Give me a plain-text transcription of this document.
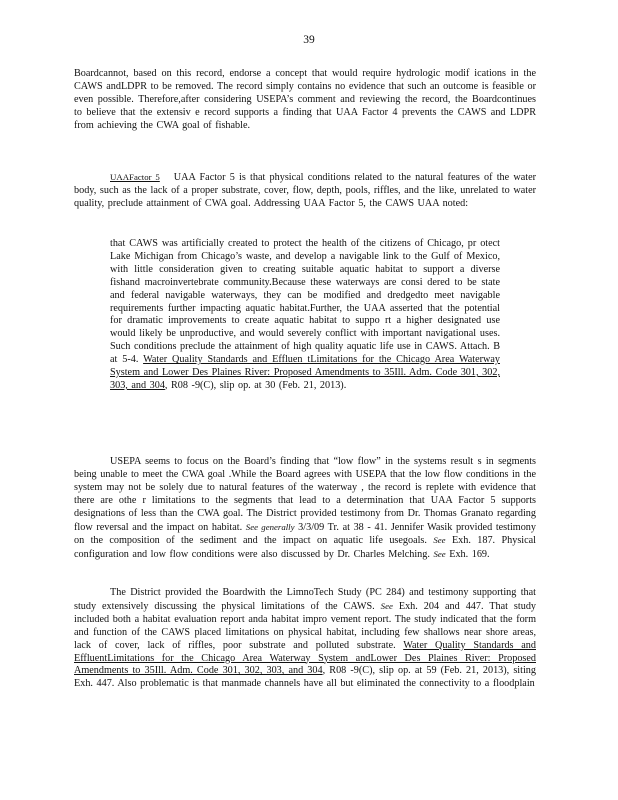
39

Boardcannot, based on this record, endorse a concept that would require hydrologic modif ications in the CAWS andLDPR to be removed. The record simply contains no evidence that such an outcome is feasible or even possible. Therefore,after considering USEPA’s comment and reviewing the record, the Boardcontinues to believe that the extensiv e record supports a finding that UAA Factor 4 prevents the CAWS and LDPR from achieving the CWA goal of fishable.

UAAFactor 5 UAA Factor 5 is that physical conditions related to the natural features of the water body, such as the lack of a proper substrate, cover, flow, depth, pools, riffles, and the like, unrelated to water quality, preclude attainment of CWA goal. Addressing UAA Factor 5, the CAWS UAA noted:

that CAWS was artificially created to protect the health of the citizens of Chicago, pr otect Lake Michigan from Chicago’s waste, and develop a navigable link to the Gulf of Mexico, with little consideration given to creating suitable aquatic habitat to support a diverse fishand macroinvertebrate community.Because these waterways are consi dered to be state and federal navigable waterways, they can be modified and dredgedto meet navigable requirements further impacting aquatic habitat.Further, the UAA asserted that the potential for dramatic improvements to create aquatic habitat to suppo rt a higher designated use would likely be unproductive, and would severely conflict with important navigational uses. Such conditions preclude the attainment of high quality aquatic life use in CAWS. Attach. B at 5-4. Water Quality Standards and Effluen tLimitations for the Chicago Area Waterway System and Lower Des Plaines River: Proposed Amendments to 35Ill. Adm. Code 301, 302, 303, and 304, R08 -9(C), slip op. at 30 (Feb. 21, 2013).

USEPA seems to focus on the Board’s finding that “low flow” in the systems result s in segments being unable to meet the CWA goal .While the Board agrees with USEPA that the low flow conditions in the system may not be solely due to natural features of the waterway , the record is replete with evidence that there are othe r limitations to the segments that lead to a determination that UAA Factor 5 supports designations of less than the CWA goal. The District provided testimony from Dr. Thomas Granato regarding flow reversal and the impact on habitat. See generally 3/3/09 Tr. at 38 - 41. Jennifer Wasik provided testimony on the composition of the sediment and the impact on aquatic life usegoals. See Exh. 187. Physical configuration and low flow conditions were also discussed by Dr. Charles Melching. See Exh. 169.

The District provided the Boardwith the LimnoTech Study (PC 284) and testimony supporting that study extensively discussing the physical limitations of the CAWS. See Exh. 204 and 447. That study included both a habitat evaluation report anda habitat impro vement report. The study indicated that the form and function of the CAWS placed limitations on physical habitat, including few shallows near shore areas, lack of cover, lack of riffles, poor substrate and polluted substrate. Water Quality Standards and EffluentLimitations for the Chicago Area Waterway System andLower Des Plaines River: Proposed Amendments to 35Ill. Adm. Code 301, 302, 303, and 304, R08 -9(C), slip op. at 59 (Feb. 21, 2013), siting Exh. 447. Also problematic is that manmade channels have all but eliminated the connectivity to a floodplain
